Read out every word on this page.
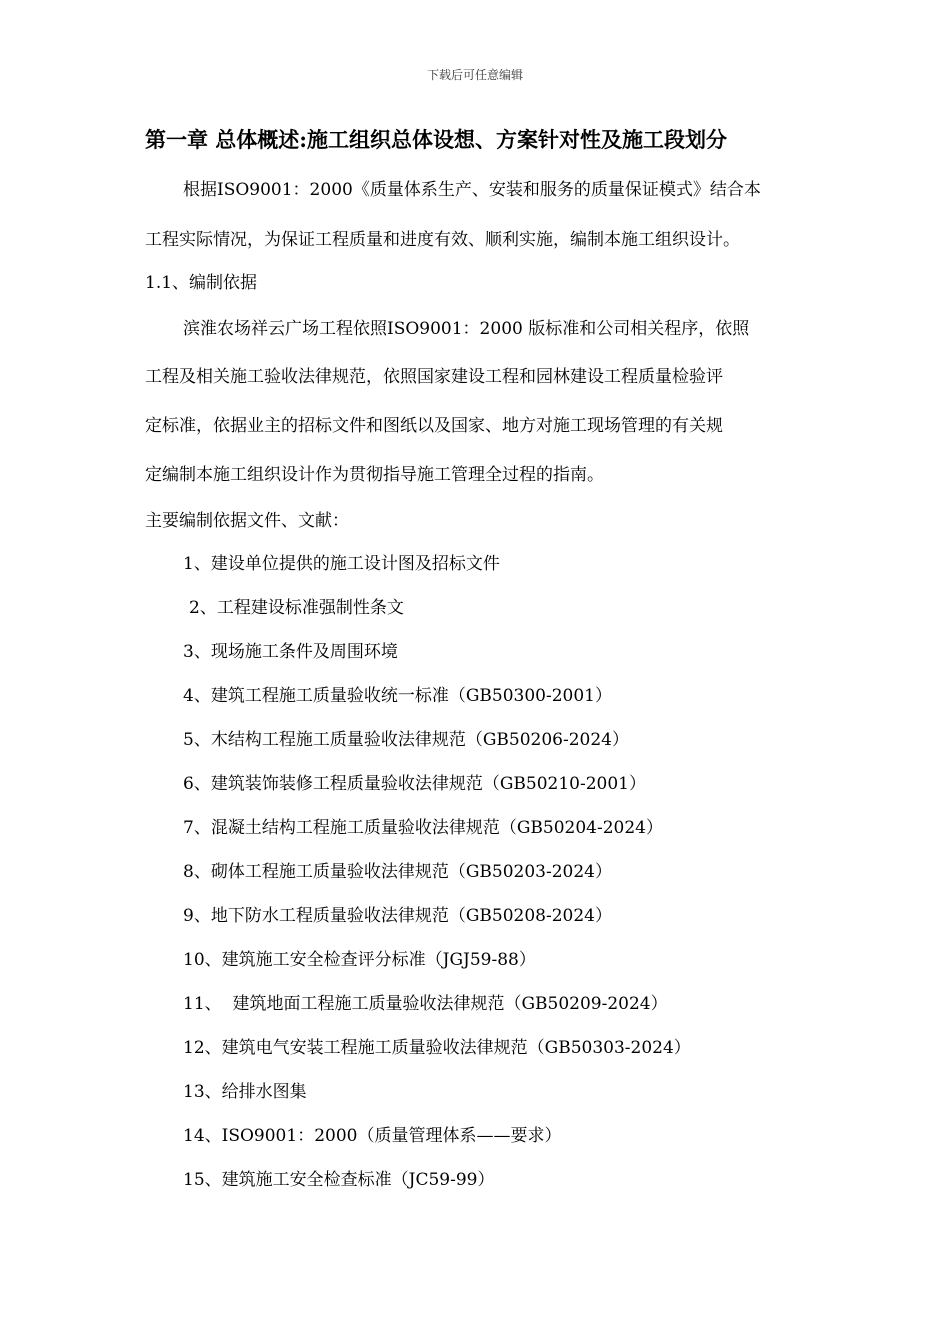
下载后可任意编辑
第一章 总体概述:施工组织总体设想、方案针对性及施工段划分
根据ISO9001：2000《质量体系生产、安装和服务的质量保证模式》结合本
工程实际情况，为保证工程质量和进度有效、顺利实施，编制本施工组织设计。
1.1、编制依据
滨淮农场祥云广场工程依照ISO9001：2000 版标准和公司相关程序，依照
工程及相关施工验收法律规范，依照国家建设工程和园林建设工程质量检验评
定标准，依据业主的招标文件和图纸以及国家、地方对施工现场管理的有关规
定编制本施工组织设计作为贯彻指导施工管理全过程的指南。
主要编制依据文件、文献：
1、建设单位提供的施工设计图及招标文件
2、工程建设标准强制性条文
3、现场施工条件及周围环境
4、建筑工程施工质量验收统一标准（GB50300-2001）
5、木结构工程施工质量验收法律规范（GB50206-2024）
6、建筑装饰装修工程质量验收法律规范（GB50210-2001）
7、混凝土结构工程施工质量验收法律规范（GB50204-2024）
8、砌体工程施工质量验收法律规范（GB50203-2024）
9、地下防水工程质量验收法律规范（GB50208-2024）
10、建筑施工安全检查评分标准（JGJ59-88）
11、  建筑地面工程施工质量验收法律规范（GB50209-2024）
12、建筑电气安装工程施工质量验收法律规范（GB50303-2024）
13、给排水图集
14、ISO9001：2000（质量管理体系——要求）
15、建筑施工安全检查标准（JC59-99）
